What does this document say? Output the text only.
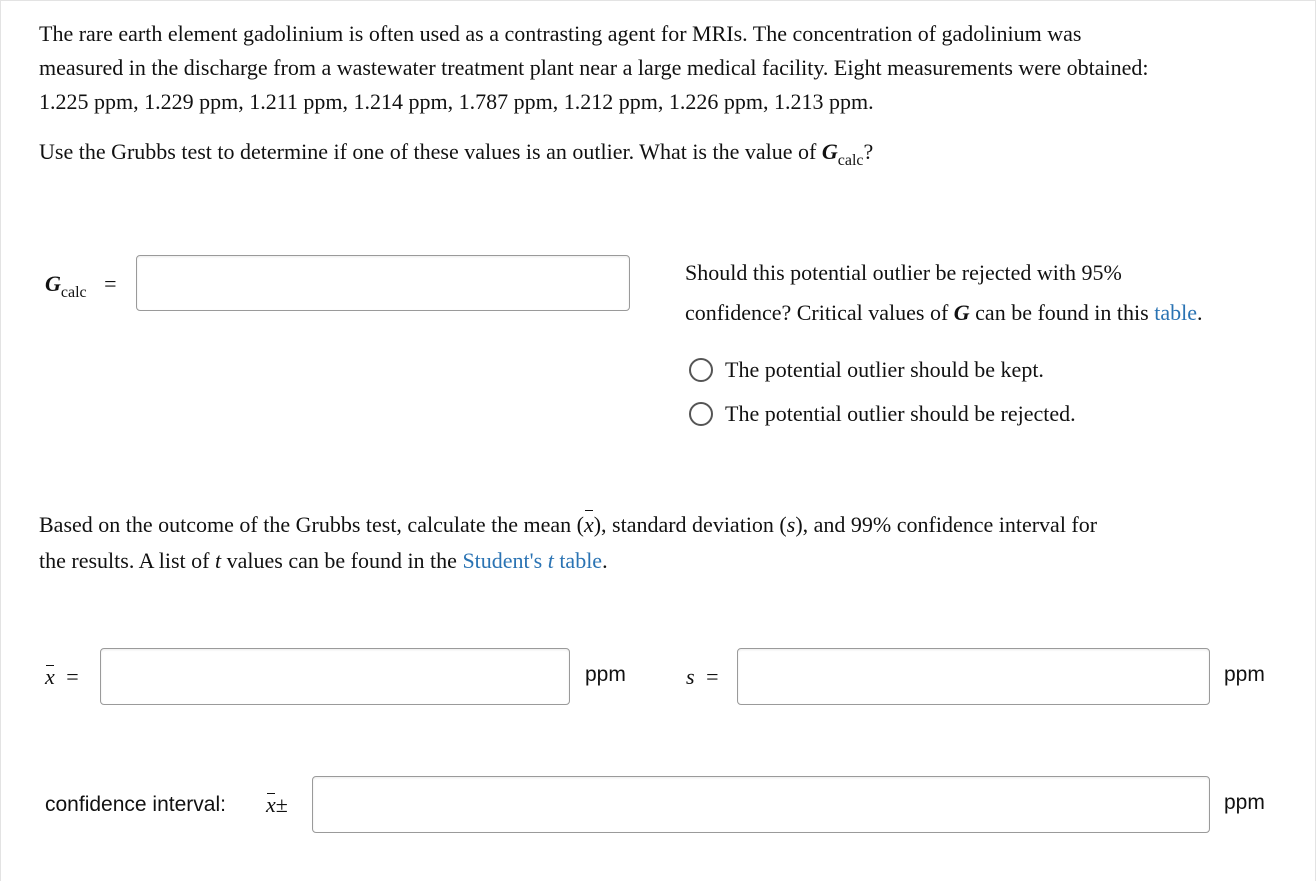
The rare earth element gadolinium is often used as a contrasting agent for MRIs. The concentration of gadolinium was
measured in the discharge from a wastewater treatment plant near a large medical facility. Eight measurements were obtained:
1.225 ppm, 1.229 ppm, 1.211 ppm, 1.214 ppm, 1.787 ppm, 1.212 ppm, 1.226 ppm, 1.213 ppm.

Use the Grubbs test to determine if one of these values is an outlier. What is the value of $G_{calc}$?

$G_{calc}$ =	Should this potential outlier be rejected with 95%
confidence? Critical values of G can be found in this table.
The potential outlier should be kept.
The potential outlier should be rejected.

Based on the outcome of the Grubbs test, calculate the mean (x), standard deviation (s), and 99% confidence interval for
the results. A list of t values can be found in the Student's t table.

x =	ppm	s =	ppm
confidence interval: x±	ppm
